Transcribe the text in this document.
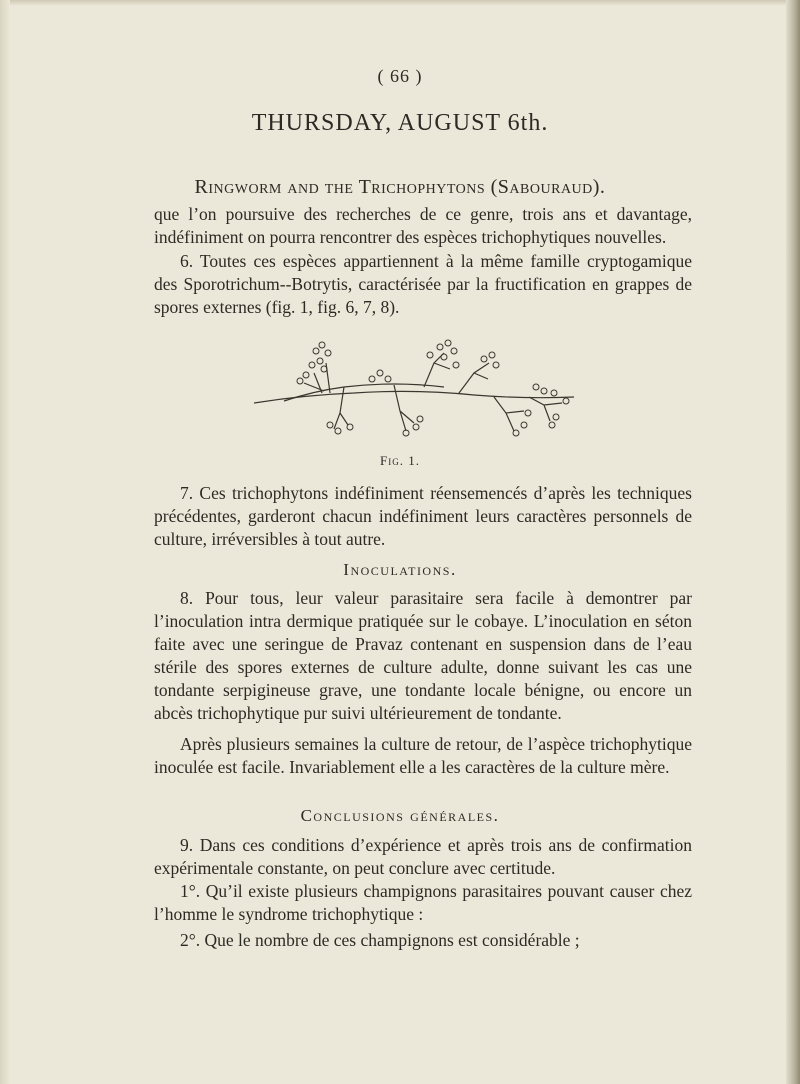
( 66 )
THURSDAY, AUGUST 6th.
Ringworm and the Trichophytons (Sabouraud).

que l’on poursuive des recherches de ce genre, trois ans et davantage, indéfiniment on pourra rencontrer des espèces trichophytiques nouvelles.

6. Toutes ces espèces appartiennent à la même famille cryptogamique des Sporotrichum--Botrytis, caractérisée par la fructification en grappes de spores externes (fig. 1, fig. 6, 7, 8).

Fig. 1.

7. Ces trichophytons indéfiniment réensemencés d’après les techniques précédentes, garderont chacun indéfiniment leurs caractères personnels de culture, irréversibles à tout autre.

Inoculations.

8. Pour tous, leur valeur parasitaire sera facile à demontrer par l’inoculation intra dermique pratiquée sur le cobaye. L’inoculation en séton faite avec une seringue de Pravaz contenant en suspension dans de l’eau stérile des spores externes de culture adulte, donne suivant les cas une tondante serpigineuse grave, une tondante locale bénigne, ou encore un abcès trichophytique pur suivi ultérieurement de tondante.

Après plusieurs semaines la culture de retour, de l’aspèce trichophytique inoculée est facile. Invariablement elle a les caractères de la culture mère.

Conclusions générales.

9. Dans ces conditions d’expérience et après trois ans de confirmation expérimentale constante, on peut conclure avec certitude.

1°. Qu’il existe plusieurs champignons parasitaires pouvant causer chez l’homme le syndrome trichophytique :

2°. Que le nombre de ces champignons est considérable ;
